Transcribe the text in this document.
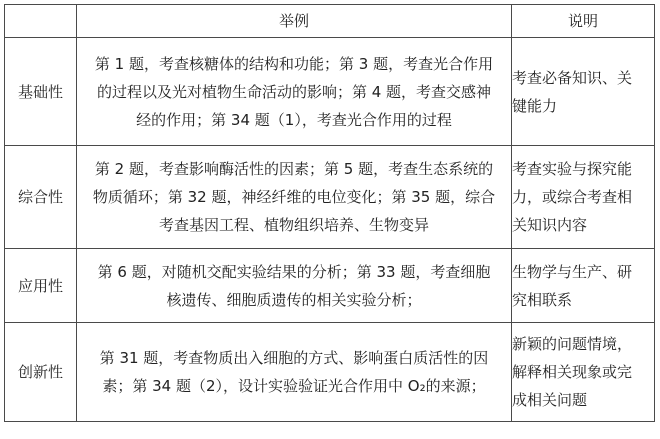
	举例	说明
基础性	第 1 题，考查核糖体的结构和功能；第 3 题，考查光合作用
的过程以及光对植物生命活动的影响；第 4 题，考查交感神
经的作用；第 34 题（1），考查光合作用的过程	考查必备知识、关
键能力

综合性	第 2 题，考查影响酶活性的因素；第 5 题，考查生态系统的
物质循环；第 32 题，神经纤维的电位变化；第 35 题，综合
考查基因工程、植物组织培养、生物变异	考查实验与探究能
力，或综合考查相
关知识内容

应用性	第 6 题，对随机交配实验结果的分析；第 33 题，考查细胞
核遗传、细胞质遗传的相关实验分析；	生物学与生产、研
究相联系

创新性	第 31 题，考查物质出入细胞的方式、影响蛋白质活性的因
素；第 34 题（2），设计实验验证光合作用中 O₂的来源；	新颖的问题情境，
解释相关现象或完
成相关问题
